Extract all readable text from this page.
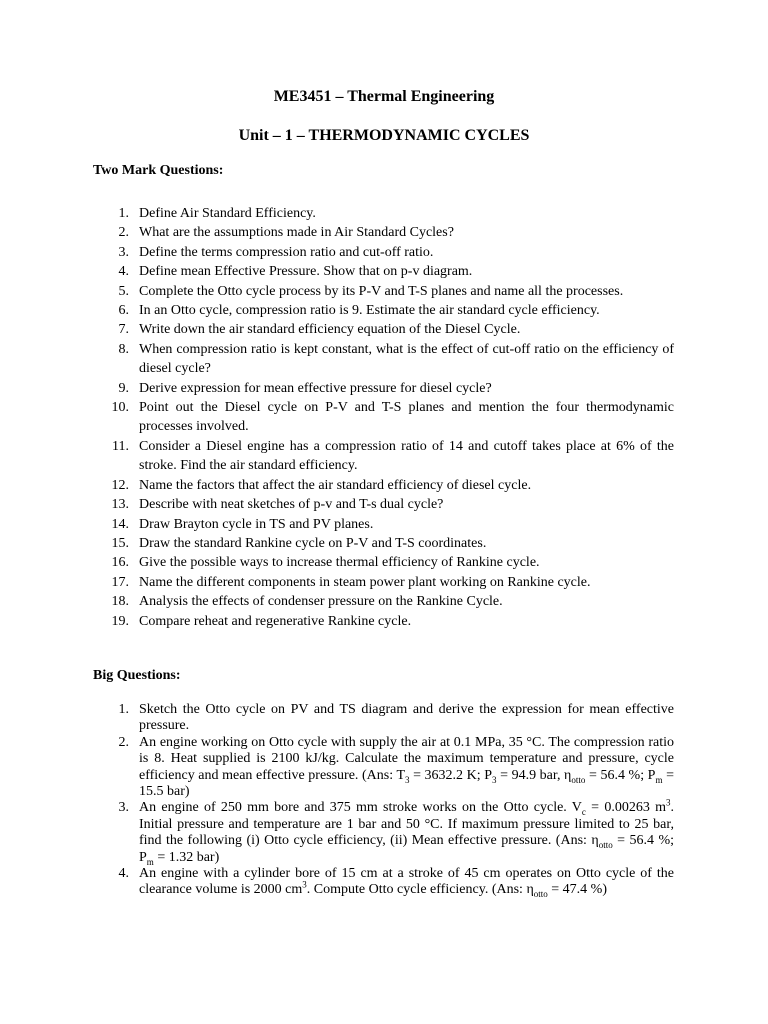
ME3451 – Thermal Engineering
Unit – 1 – THERMODYNAMIC CYCLES
Two Mark Questions:
1. Define Air Standard Efficiency.
2. What are the assumptions made in Air Standard Cycles?
3. Define the terms compression ratio and cut-off ratio.
4. Define mean Effective Pressure. Show that on p-v diagram.
5. Complete the Otto cycle process by its P-V and T-S planes and name all the processes.
6. In an Otto cycle, compression ratio is 9. Estimate the air standard cycle efficiency.
7. Write down the air standard efficiency equation of the Diesel Cycle.
8. When compression ratio is kept constant, what is the effect of cut-off ratio on the efficiency of diesel cycle?
9. Derive expression for mean effective pressure for diesel cycle?
10. Point out the Diesel cycle on P-V and T-S planes and mention the four thermodynamic processes involved.
11. Consider a Diesel engine has a compression ratio of 14 and cutoff takes place at 6% of the stroke. Find the air standard efficiency.
12. Name the factors that affect the air standard efficiency of diesel cycle.
13. Describe with neat sketches of p-v and T-s dual cycle?
14. Draw Brayton cycle in TS and PV planes.
15. Draw the standard Rankine cycle on P-V and T-S coordinates.
16. Give the possible ways to increase thermal efficiency of Rankine cycle.
17. Name the different components in steam power plant working on Rankine cycle.
18. Analysis the effects of condenser pressure on the Rankine Cycle.
19. Compare reheat and regenerative Rankine cycle.
Big Questions:
1. Sketch the Otto cycle on PV and TS diagram and derive the expression for mean effective pressure.
2. An engine working on Otto cycle with supply the air at 0.1 MPa, 35 °C. The compression ratio is 8. Heat supplied is 2100 kJ/kg. Calculate the maximum temperature and pressure, cycle efficiency and mean effective pressure. (Ans: $T_3 = 3632.2$ K; $P_3 = 94.9$ bar, $\eta_{otto} = 56.4$ %; $P_m = 15.5$ bar)
3. An engine of 250 mm bore and 375 mm stroke works on the Otto cycle. $V_c = 0.00263$ $m^3$. Initial pressure and temperature are 1 bar and 50 °C. If maximum pressure limited to 25 bar, find the following (i) Otto cycle efficiency, (ii) Mean effective pressure. (Ans: $\eta_{otto} = 56.4$ %; $P_m = 1.32$ bar)
4. An engine with a cylinder bore of 15 cm at a stroke of 45 cm operates on Otto cycle of the clearance volume is 2000 $cm^3$. Compute Otto cycle efficiency. (Ans: $\eta_{otto} = 47.4$ %)
